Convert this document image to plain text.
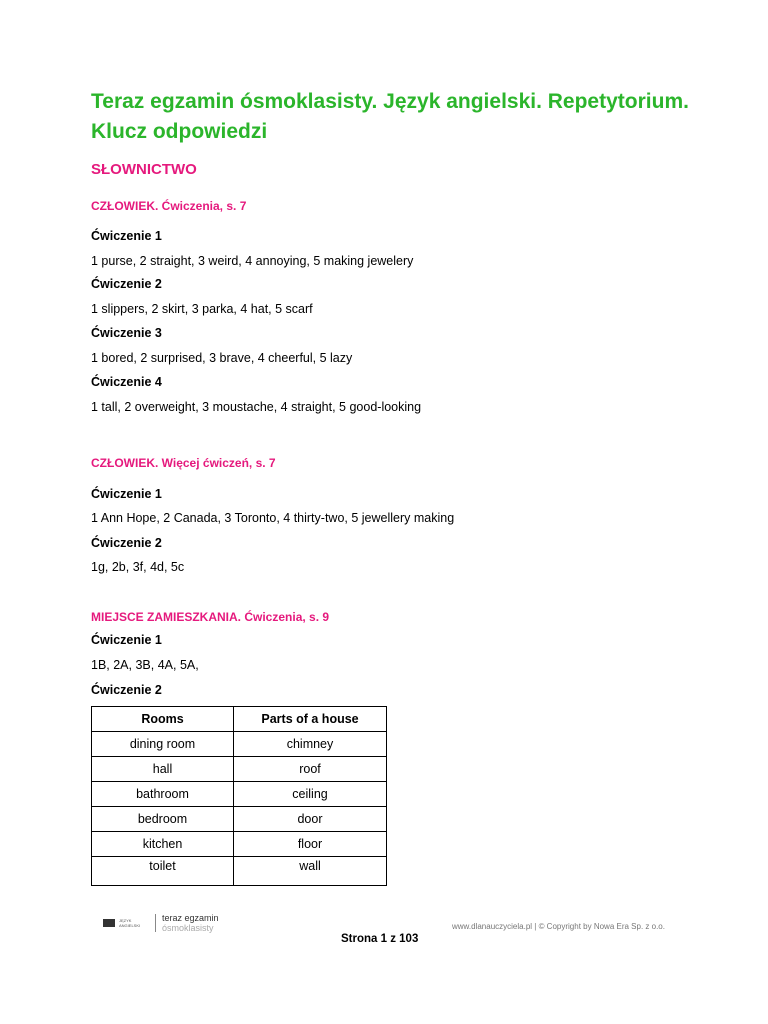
Teraz egzamin ósmoklasisty. Język angielski. Repetytorium. Klucz odpowiedzi
SŁOWNICTWO
CZŁOWIEK. Ćwiczenia, s. 7
Ćwiczenie 1
1 purse, 2 straight, 3 weird, 4 annoying, 5 making jewelery
Ćwiczenie 2
1 slippers, 2 skirt, 3 parka, 4 hat, 5 scarf
Ćwiczenie 3
1 bored, 2 surprised, 3 brave, 4 cheerful, 5 lazy
Ćwiczenie 4
1 tall, 2 overweight, 3 moustache, 4 straight, 5 good-looking
CZŁOWIEK. Więcej ćwiczeń, s. 7
Ćwiczenie 1
1 Ann Hope, 2 Canada, 3 Toronto, 4 thirty-two, 5 jewellery making
Ćwiczenie 2
1g, 2b, 3f, 4d, 5c
MIEJSCE ZAMIESZKANIA. Ćwiczenia, s. 9
Ćwiczenie 1
1B, 2A, 3B, 4A, 5A,
Ćwiczenie 2
Rooms	Parts of a house
dining room	chimney
hall	roof
bathroom	ceiling
bedroom	door
kitchen	floor
toilet	wall
JĘZYK ANGIELSKI
teraz egzamin
ósmoklasisty	www.dlanauczyciela.pl | © Copyright by Nowa Era Sp. z o.o.
Strona 1 z 103
